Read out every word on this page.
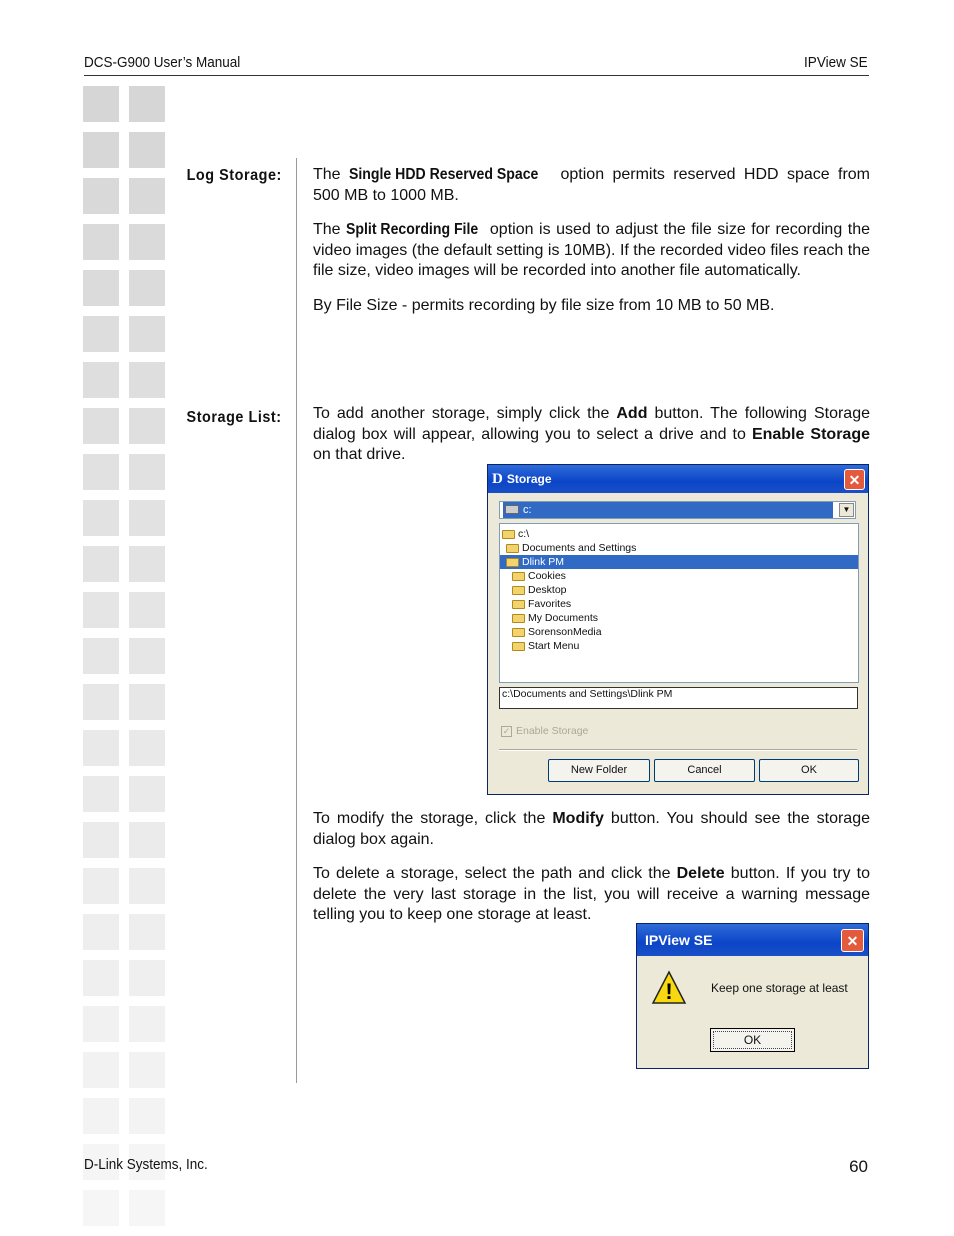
DCS-G900 User’s Manual	IPView SE
Log Storage: The Single HDD Reserved Space option permits reserved HDD space from 500 MB to 1000 MB.

The Split Recording File option is used to adjust the file size for recording the video images (the default setting is 10MB). If the recorded video files reach the file size, video images will be recorded into another file automatically.

By File Size - permits recording by file size from 10 MB to 50 MB.

Storage List: To add another storage, simply click the Add button. The following Storage dialog box will appear, allowing you to select a drive and to Enable Storage on that drive.

D Storage	✕
c:	▼
c:\
Documents and Settings
Dlink PM
Cookies
Desktop
Favorites
My Documents
SorensonMedia
Start Menu
c:\Documents and Settings\Dlink PM
✓ Enable Storage
New Folder	Cancel	OK

To modify the storage, click the Modify button. You should see the storage dialog box again.

To delete a storage, select the path and click the Delete button. If you try to delete the very last storage in the list, you will receive a warning message telling you to keep one storage at least.

IPView SE	✕
!	Keep one storage at least
OK
D-Link Systems, Inc.	60
